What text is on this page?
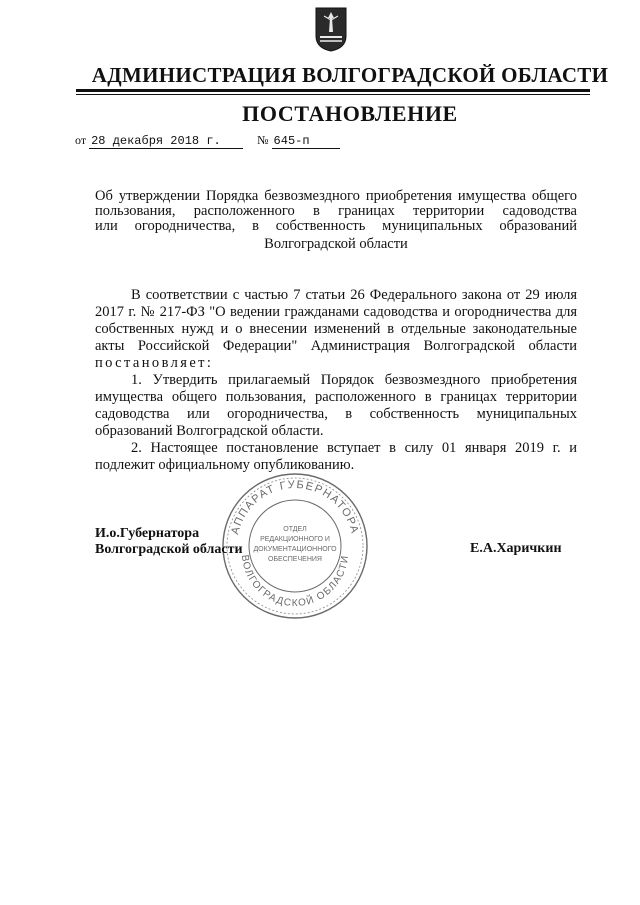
АДМИНИСТРАЦИЯ ВОЛГОГРАДСКОЙ ОБЛАСТИ
ПОСТАНОВЛЕНИЕ
от 28 декабря 2018 г.	№ 645-п
Об утверждении Порядка безвозмездного приобретения имущества общего
пользования, расположенного в границах территории садоводства
или огородничества, в собственность муниципальных образований
Волгоградской области

В соответствии с частью 7 статьи 26 Федерального закона от 29 июля 2017 г. № 217-ФЗ "О ведении гражданами садоводства и огородничества для собственных нужд и о внесении изменений в отдельные законодательные акты Российской Федерации" Администрация Волгоградской области постановляет:

1. Утвердить прилагаемый Порядок безвозмездного приобретения имущества общего пользования, расположенного в границах территории садоводства или огородничества, в собственность муниципальных образований Волгоградской области.

2. Настоящее постановление вступает в силу 01 января 2019 г. и подлежит официальному опубликованию.

АППАРАТ ГУБЕРНАТОРА
ВОЛГОГРАДСКОЙ ОБЛАСТИ
ОТДЕЛ
РЕДАКЦИОННОГО И
ДОКУМЕНТАЦИОННОГО
ОБЕСПЕЧЕНИЯ
И.о.Губернатора
Волгоградской области	Е.А.Харичкин
